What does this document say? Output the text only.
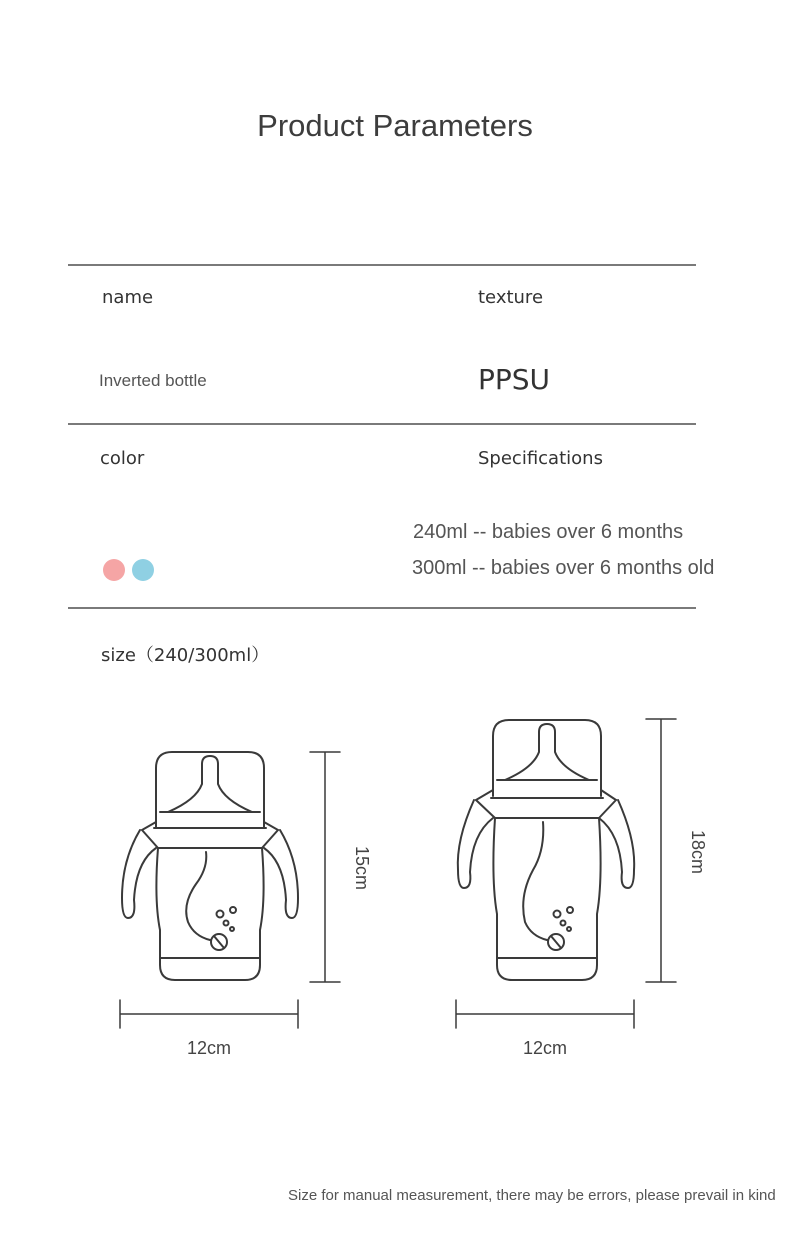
Product Parameters
name	texture
Inverted bottle	PPSU
color	Specifications
240ml -- babies over 6 months
300ml -- babies over 6 months old
size（240/300ml）
15cm
12cm
18cm
12cm
Size for manual measurement, there may be errors, please prevail in kind
